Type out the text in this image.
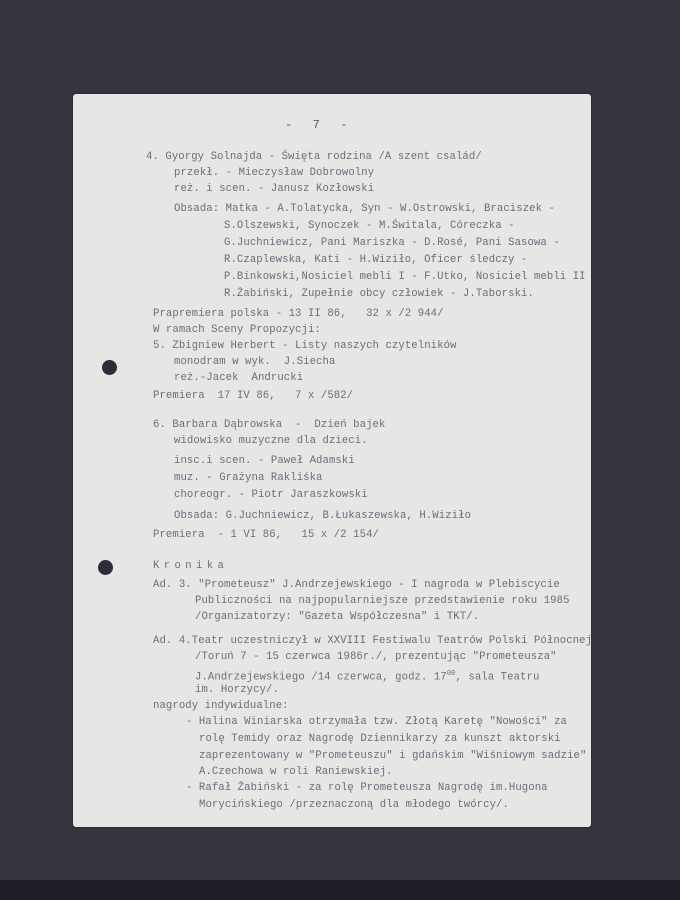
-  7  -
4. Gyorgy Solnajda - Święta rodzina /A szent család/
przekł. - Mieczysław Dobrowolny
reż. i scen. - Janusz Kozłowski
Obsada: Matka - A.Tolatycka, Syn - W.Ostrowski, Braciszek -
S.Olszewski, Synoczek - M.Świtala, Córeczka -
G.Juchniewicz, Pani Mariszka - D.Rosé, Pani Sasowa -
R.Czaplewska, Kati - H.Wiziło, Oficer śledczy -
P.Binkowski,Nosiciel mebli I - F.Utko, Nosiciel mebli II
R.Żabiński, Zupełnie obcy człowiek - J.Taborski.
Prapremiera polska - 13 II 86,   32 x /2 944/
W ramach Sceny Propozycji:
5. Zbigniew Herbert - Listy naszych czytelników
monodram w wyk.  J.Siecha
reż.-Jacek  Andrucki
Premiera  17 IV 86,   7 x /582/
6. Barbara Dąbrowska  -  Dzień bajek
widowisko muzyczne dla dzieci.
insc.i scen. - Paweł Adamski
muz. - Grażyna Rakliśka
choreogr. - Piotr Jaraszkowski
Obsada: G.Juchniewicz, B.Łukaszewska, H.Wiziło
Premiera  - 1 VI 86,   15 x /2 154/
Kronika
Ad. 3. "Prometeusz" J.Andrzejewskiego - I nagroda w Plebiscycie
Publiczności na najpopularniejsze przedstawienie roku 1985
/Organizatorzy: "Gazeta Współczesna" i TKT/.
Ad. 4.Teatr uczestniczył w XXVIII Festiwalu Teatrów Polski Północnej
/Toruń 7 - 15 czerwca 1986r./, prezentując "Prometeusza"
J.Andrzejewskiego /14 czerwca, godz. $17^{00}$, sala Teatru
im. Horzycy/.
nagrody indywidualne:
- Halina Winiarska otrzymała tzw. Złotą Karetę "Nowości" za
rolę Temidy oraz Nagrodę Dziennikarzy za kunszt aktorski
zaprezentowany w "Prometeuszu" i gdańskim "Wiśniowym sadzie"
A.Czechowa w roli Raniewskiej.
- Rafał Żabiński - za rolę Prometeusza Nagrodę im.Hugona
Morycińskiego /przeznaczoną dla młodego twórcy/.
